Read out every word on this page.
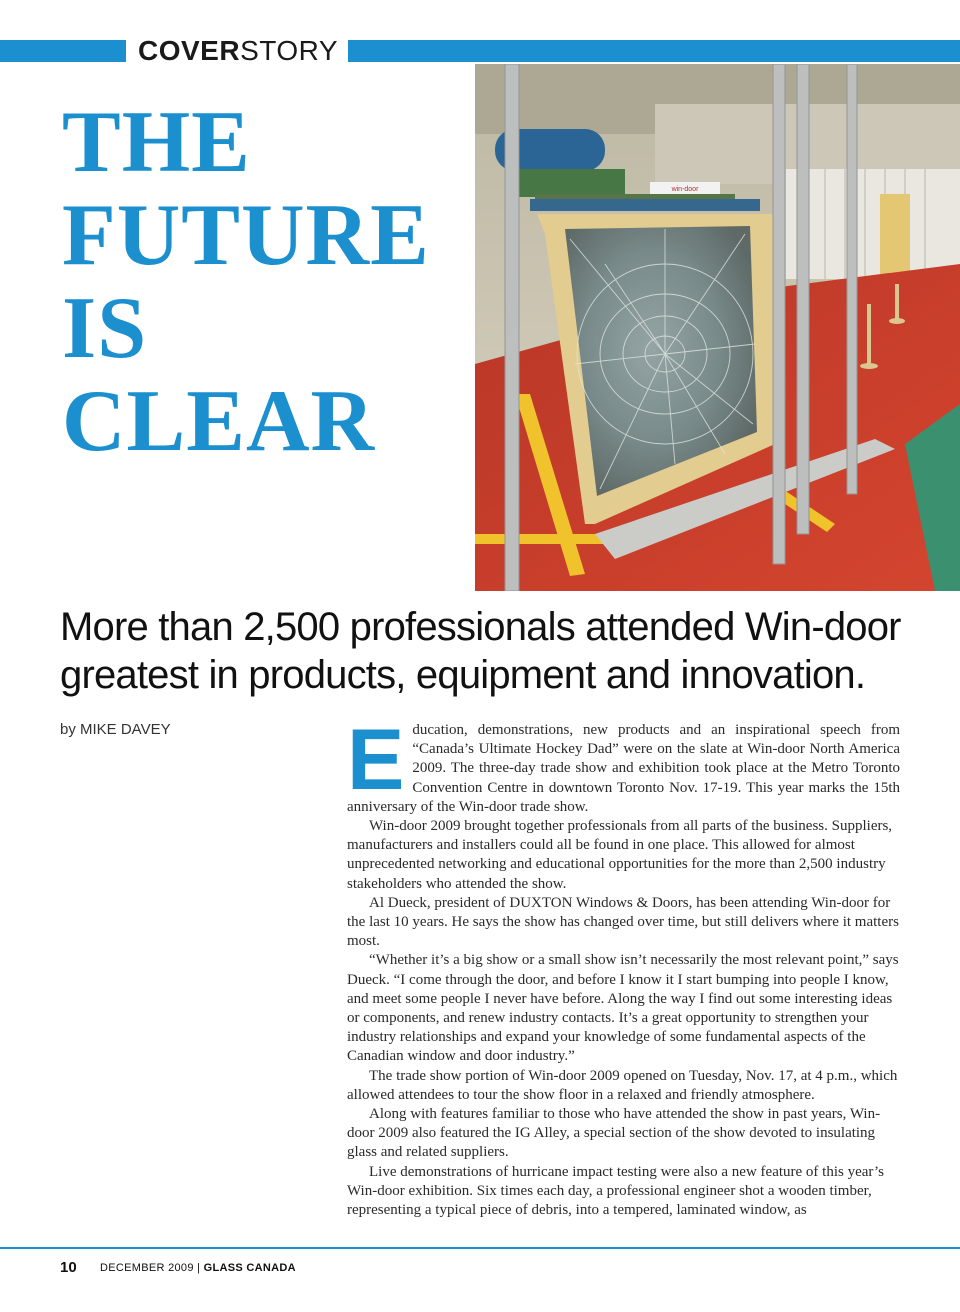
COVERSTORY
THE
FUTURE
IS
CLEAR
win-door
More than 2,500 professionals attended Win-door
greatest in products, equipment and innovation.
by MIKE DAVEY Education, demonstrations, new products and an inspirational speech from “Canada’s Ultimate Hockey Dad” were on the slate at Win-door North America 2009. The three-day trade show and exhibition took place at the Metro Toronto Convention Centre in downtown Toronto Nov. 17-19. This year marks the 15th anniversary of the Win-door trade show.

Win-door 2009 brought together professionals from all parts of the business. Suppliers, manufacturers and installers could all be found in one place. This allowed for almost unprecedented networking and educational opportunities for the more than 2,500 industry stakeholders who attended the show.

Al Dueck, president of DUXTON Windows & Doors, has been attending Win-door for the last 10 years. He says the show has changed over time, but still delivers where it matters most.

“Whether it’s a big show or a small show isn’t necessarily the most relevant point,” says Dueck. “I come through the door, and before I know it I start bumping into people I know, and meet some people I never have before. Along the way I find out some interesting ideas or components, and renew industry contacts. It’s a great opportunity to strengthen your industry relationships and expand your knowledge of some fundamental aspects of the Canadian window and door industry.”

The trade show portion of Win-door 2009 opened on Tuesday, Nov. 17, at 4 p.m., which allowed attendees to tour the show floor in a relaxed and friendly atmosphere.

Along with features familiar to those who have attended the show in past years, Win-door 2009 also featured the IG Alley, a special section of the show devoted to insulating glass and related suppliers.

Live demonstrations of hurricane impact testing were also a new feature of this year’s Win-door exhibition. Six times each day, a professional engineer shot a wooden timber, representing a typical piece of debris, into a tempered, laminated window, as

10 DECEMBER 2009 | GLASS CANADA
